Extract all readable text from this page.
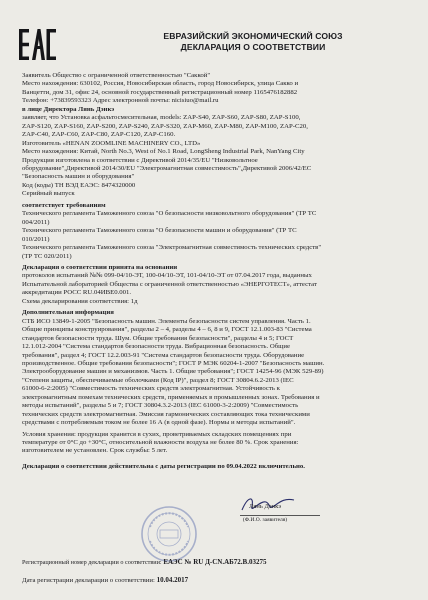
ЕВРАЗИЙСКИЙ ЭКОНОМИЧЕСКИЙ СОЮЗ
ДЕКЛАРАЦИЯ О СООТВЕТСТВИИ
Заявитель Общество с ограниченной ответственностью "Саккой"
Место нахождения: 630102, Россия, Новосибирская область, город Новосибирск, улица Сакко и
Ванцетти, дом 31, офис 24, основной государственный регистрационный номер 1165476182882
Телефон: +73839593323 Адрес электронной почты: nicisiuo@mail.ru
в лице Директора Лянь Дэнкэ
заявляет, что Установка асфальтосмесительная, models: ZAP-S40, ZAP-S60, ZAP-S80, ZAP-S100,
ZAP-S120, ZAP-S160, ZAP-S200, ZAP-S240, ZAP-S320, ZAP-M60, ZAP-M80, ZAP-M100, ZAP-C20,
ZAP-C40, ZAP-C60, ZAP-C80, ZAP-C120, ZAP-C160.
Изготовитель «HENAN ZOOMLINE MACHINERY CO., LTD»
Место нахождения: Китай, North No.3, West of No.1 Road, LongSheng Industrial Park, NanYang City
Продукция изготовлена в соответствии с Директивой 2014/35/EU "Низковольтное
оборудование",Директивой 2014/30/EU "Электромагнитная совместимость",Директивой 2006/42/EC
"Безопасность машин и оборудования"
Код (коды) ТН ВЭД ЕАЭС: 8474320000
Серийный выпуск
соответствует требованиям
Технического регламента Таможенного союза "О безопасности низковольтного оборудования" (ТР ТС
004/2011)
Технического регламента Таможенного союза "О безопасности машин и оборудования" (ТР ТС
010/2011)
Технического регламента Таможенного союза "Электромагнитная совместимость технических средств"
(ТР ТС 020/2011)
Декларация о соответствии принята на основании
протоколов испытаний №№ 099-04/10-ЭТ, 100-04/10-ЭТ, 101-04/10-ЭТ от 07.04.2017 года, выданных
Испытательной лабораторией Общества с ограниченной ответственностью «ЭНЕРГОТЕСТ», аттестат
аккредитации РОСС RU.04ИВЕ0.001.
Схема декларирования соответствия: 1д
Дополнительная информация
СТБ ИСО 13849-1-2005 "Безопасность машин. Элементы безопасности систем управления. Часть 1.
Общие принципы конструирования", разделы 2 – 4, разделы 4 – 6, 8 и 9, ГОСТ 12.1.003-83 "Система
стандартов безопасности труда. Шум. Общие требования безопасности", разделы 4 и 5; ГОСТ
12.1.012-2004 "Система стандартов безопасности труда. Вибрационная безопасность. Общие
требования", раздел 4; ГОСТ 12.2.003-91 "Система стандартов безопасности труда. Оборудование
производственное. Общие требования безопасности"; ГОСТ Р МЭК 60204-1-2007 "Безопасность машин.
Электрооборудование машин и механизмов. Часть 1. Общие требования"; ГОСТ 14254-96 (МЭК 529-89)
"Степени защиты, обеспечиваемые оболочками (Код IP)", раздел 8; ГОСТ 30804.6.2-2013 (IEC
61000-6-2:2005) "Совместимость технических средств электромагнитная. Устойчивость к
электромагнитным помехам технических средств, применяемых в промышленных зонах. Требования и
методы испытаний", разделы 5 и 7; ГОСТ 30804.3.2-2013 (IEC 61000-3-2:2009) "Совместимость
технических средств электромагнитная. Эмиссия гармонических составляющих тока техническими
средствами с потребляемым током не более 16 А (в одной фазе). Нормы и методы испытаний".
Условия хранения: продукция хранится в сухих, проветриваемых складских помещениях при
температуре от 0°С до +30°С, относительной влажности воздуха не более 80 %. Срок хранения:
изготовителем не установлен. Срок службы: 5 лет.
Декларация о соответствии действительна с даты регистрации по 09.04.2022 включительно.
Лянь Дэнкэ
(Ф.И.О. заявителя)
Регистрационный номер декларации о соответствии: ЕАЭС № RU Д-CN.АБ72.В.03275
Дата регистрации декларации о соответствии: 10.04.2017
